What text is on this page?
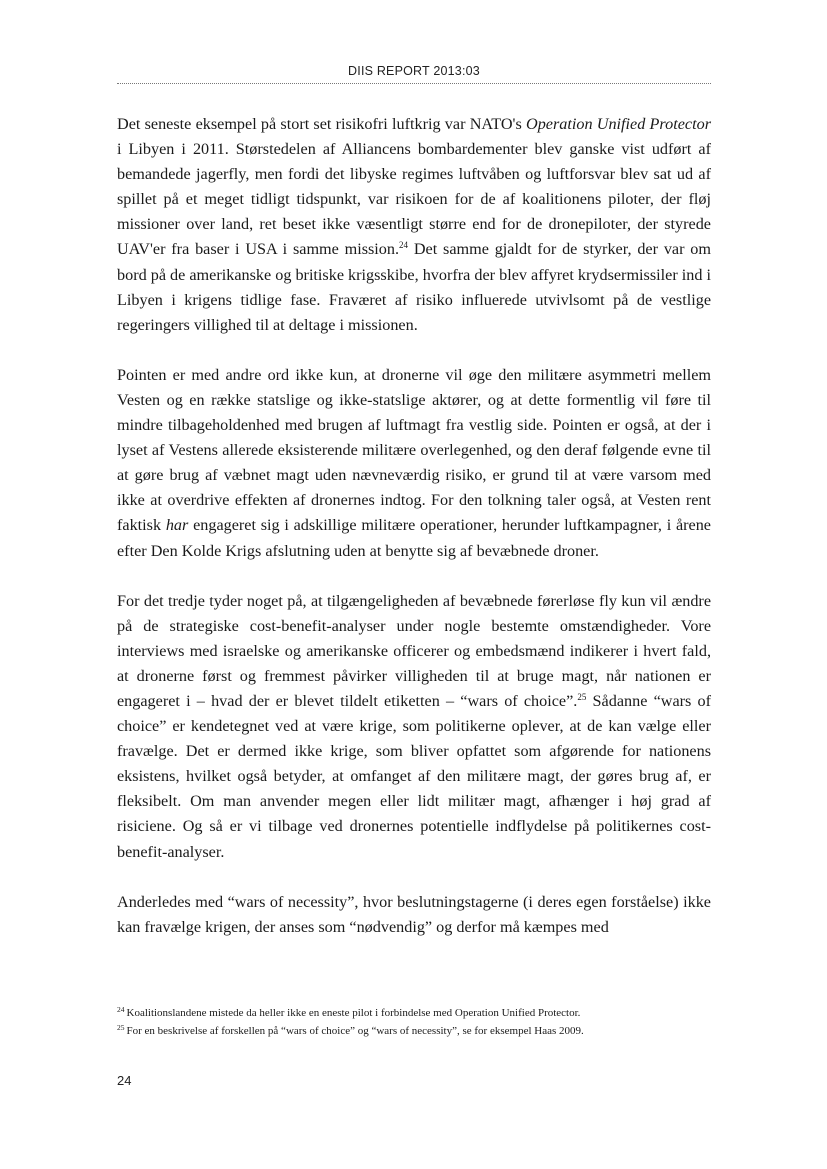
DIIS REPORT 2013:03

Det seneste eksempel på stort set risikofri luftkrig var NATO's Operation Unified Protector i Libyen i 2011. Størstedelen af Alliancens bombardementer blev ganske vist udført af bemandede jagerfly, men fordi det libyske regimes luftvåben og luftforsvar blev sat ud af spillet på et meget tidligt tidspunkt, var risikoen for de af koalitionens piloter, der fløj missioner over land, ret beset ikke væsentligt større end for de dronepiloter, der styrede UAV'er fra baser i USA i samme mission.$^{24}$ Det samme gjaldt for de styrker, der var om bord på de amerikanske og britiske krigsskibe, hvorfra der blev affyret krydsermissiler ind i Libyen i krigens tidlige fase. Fraværet af risiko influerede utvivlsomt på de vestlige regeringers villighed til at deltage i missionen.

Pointen er med andre ord ikke kun, at dronerne vil øge den militære asymmetri mellem Vesten og en række statslige og ikke-statslige aktører, og at dette formentlig vil føre til mindre tilbageholdenhed med brugen af luftmagt fra vestlig side. Pointen er også, at der i lyset af Vestens allerede eksisterende militære overlegenhed, og den deraf følgende evne til at gøre brug af væbnet magt uden nævneværdig risiko, er grund til at være varsom med ikke at overdrive effekten af dronernes indtog. For den tolkning taler også, at Vesten rent faktisk har engageret sig i adskillige militære operationer, herunder luftkampagner, i årene efter Den Kolde Krigs afslutning uden at benytte sig af bevæbnede droner.

For det tredje tyder noget på, at tilgængeligheden af bevæbnede førerløse fly kun vil ændre på de strategiske cost-benefit-analyser under nogle bestemte omstændigheder. Vore interviews med israelske og amerikanske officerer og embedsmænd indikerer i hvert fald, at dronerne først og fremmest påvirker villigheden til at bruge magt, når nationen er engageret i – hvad der er blevet tildelt etiketten – “wars of choice”.$^{25}$ Sådanne “wars of choice” er kendetegnet ved at være krige, som politikerne oplever, at de kan vælge eller fravælge. Det er dermed ikke krige, som bliver opfattet som afgørende for nationens eksistens, hvilket også betyder, at omfanget af den militære magt, der gøres brug af, er fleksibelt. Om man anvender megen eller lidt militær magt, afhænger i høj grad af risiciene. Og så er vi tilbage ved dronernes potentielle indflydelse på politikernes cost-benefit-analyser.

Anderledes med “wars of necessity”, hvor beslutningstagerne (i deres egen forståelse) ikke kan fravælge krigen, der anses som “nødvendig” og derfor må kæmpes med

$^{24}$ Koalitionslandene mistede da heller ikke en eneste pilot i forbindelse med Operation Unified Protector.
$^{25}$ For en beskrivelse af forskellen på “wars of choice” og “wars of necessity”, se for eksempel Haas 2009.
24
